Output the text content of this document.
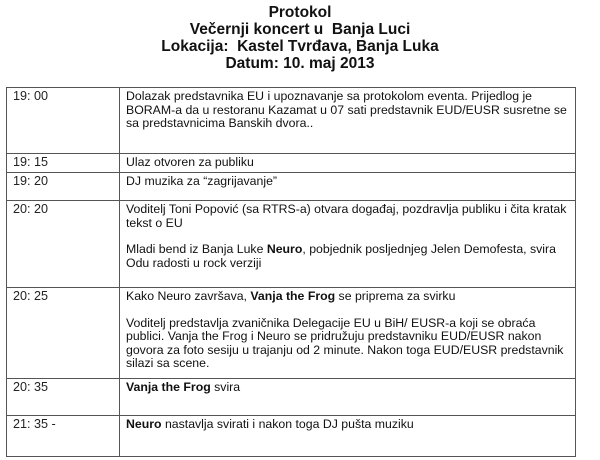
Protokol
Večernji koncert u  Banja Luci
Lokacija:  Kastel Tvrđava, Banja Luka
Datum: 10. maj 2013
19: 00	Dolazak predstavnika EU i upoznavanje sa protokolom eventa. Prijedlog je BORAM-a da u restoranu Kazamat u 07 sati predstavnik EUD/EUSR susretne se sa predstavnicima Banskih dvora..

19: 15	Ulaz otvoren za publiku

19: 20	DJ muzika za “zagrijavanje”

20: 20	Voditelj Toni Popović (sa RTRS-a) otvara događaj, pozdravlja publiku i čita kratak tekst o EU

Mladi bend iz Banja Luke Neuro, pobjednik posljednjeg Jelen Demofesta, svira Odu radosti u rock verziji

20: 25	Kako Neuro završava, Vanja the Frog se priprema za svirku

Voditelj predstavlja zvaničnika Delegacije EU u BiH/ EUSR-a koji se obraća publici. Vanja the Frog i Neuro se pridružuju predstavniku EUD/EUSR nakon govora za foto sesiju u trajanju od 2 minute. Nakon toga EUD/EUSR predstavnik silazi sa scene.

20: 35	Vanja the Frog svira

21: 35 -	Neuro nastavlja svirati i nakon toga DJ pušta muziku
